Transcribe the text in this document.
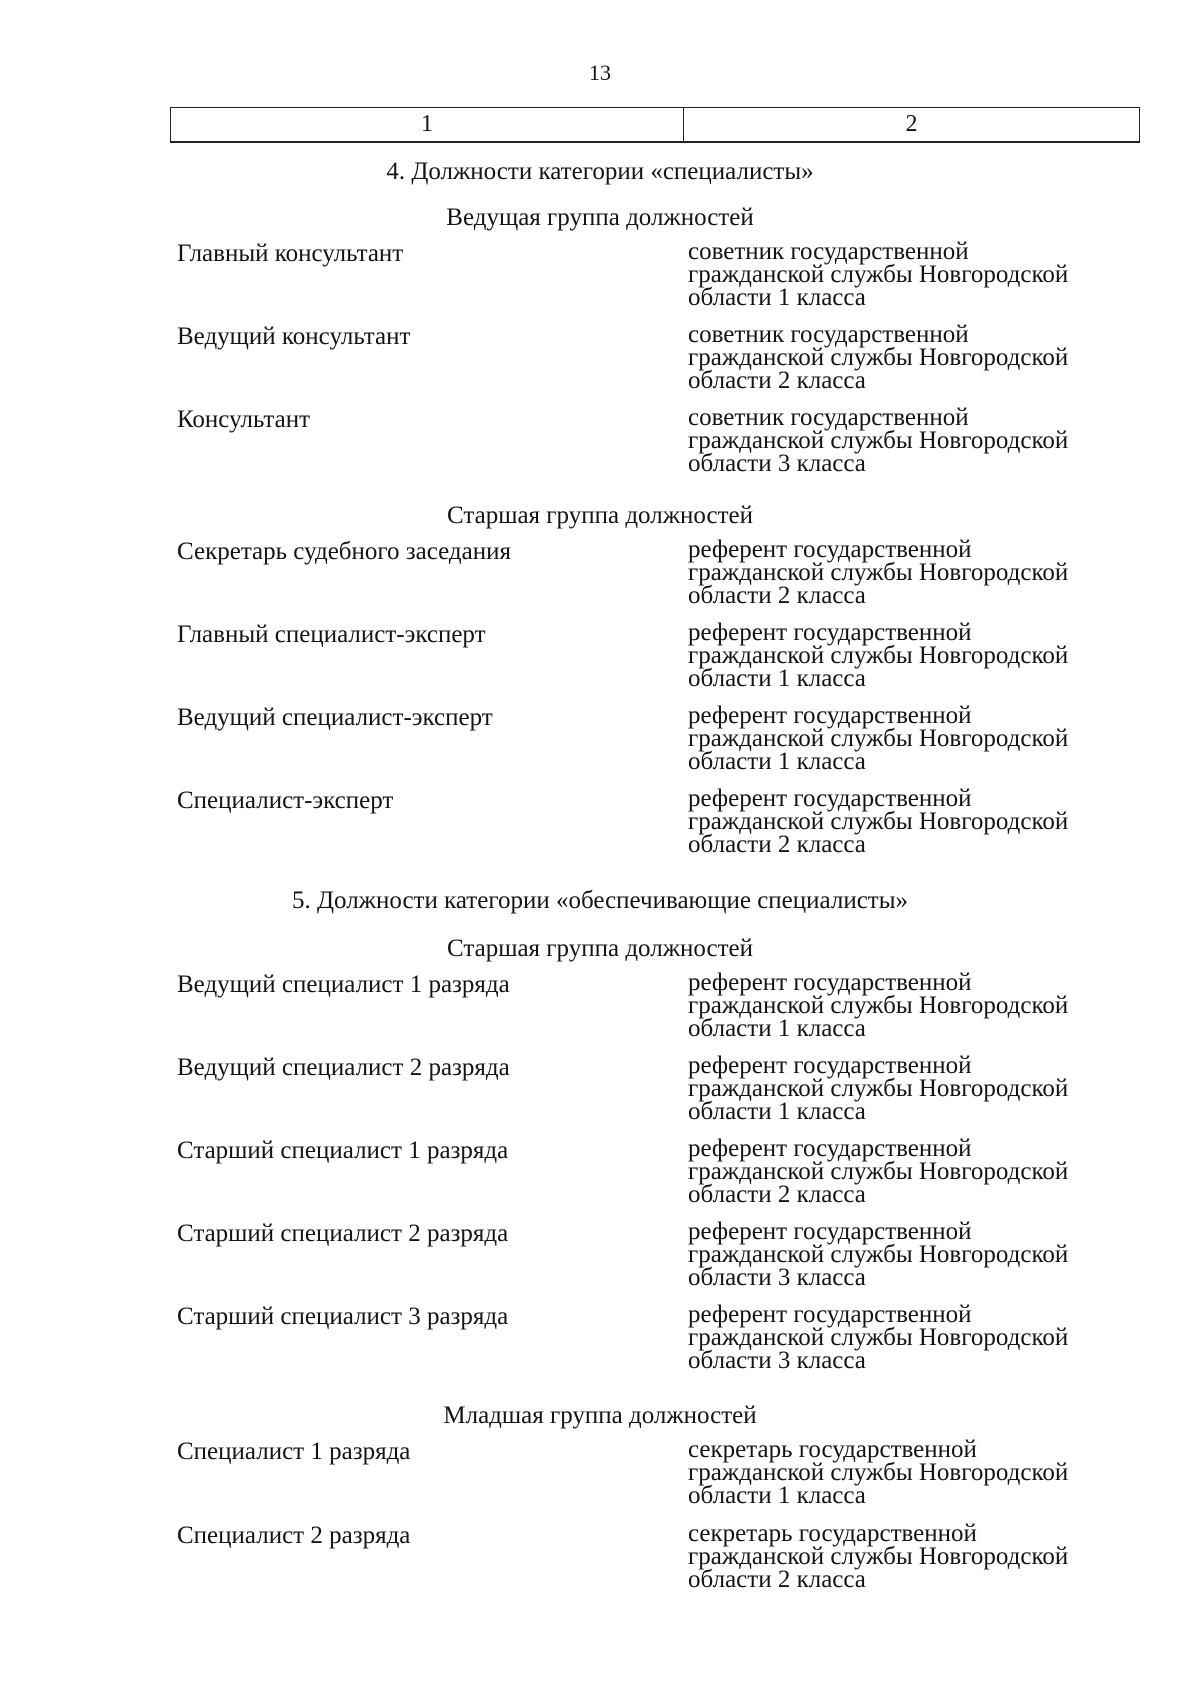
13
1	2
4. Должности категории «специалисты»
Ведущая группа должностей
Главный консультант	советник государственной
гражданской службы Новгородской
области 1 класса
Ведущий консультант	советник государственной
гражданской службы Новгородской
области 2 класса
Консультант	советник государственной
гражданской службы Новгородской
области 3 класса
Старшая группа должностей
Секретарь судебного заседания	референт государственной
гражданской службы Новгородской
области 2 класса
Главный специалист-эксперт	референт государственной
гражданской службы Новгородской
области 1 класса
Ведущий специалист-эксперт	референт государственной
гражданской службы Новгородской
области 1 класса
Специалист-эксперт	референт государственной
гражданской службы Новгородской
области 2 класса
5. Должности категории «обеспечивающие специалисты»
Старшая группа должностей
Ведущий специалист 1 разряда	референт государственной
гражданской службы Новгородской
области 1 класса
Ведущий специалист 2 разряда	референт государственной
гражданской службы Новгородской
области 1 класса
Старший специалист 1 разряда	референт государственной
гражданской службы Новгородской
области 2 класса
Старший специалист 2 разряда	референт государственной
гражданской службы Новгородской
области 3 класса
Старший специалист 3 разряда	референт государственной
гражданской службы Новгородской
области 3 класса
Младшая группа должностей
Специалист 1 разряда	секретарь государственной
гражданской службы Новгородской
области 1 класса
Специалист 2 разряда	секретарь государственной
гражданской службы Новгородской
области 2 класса
